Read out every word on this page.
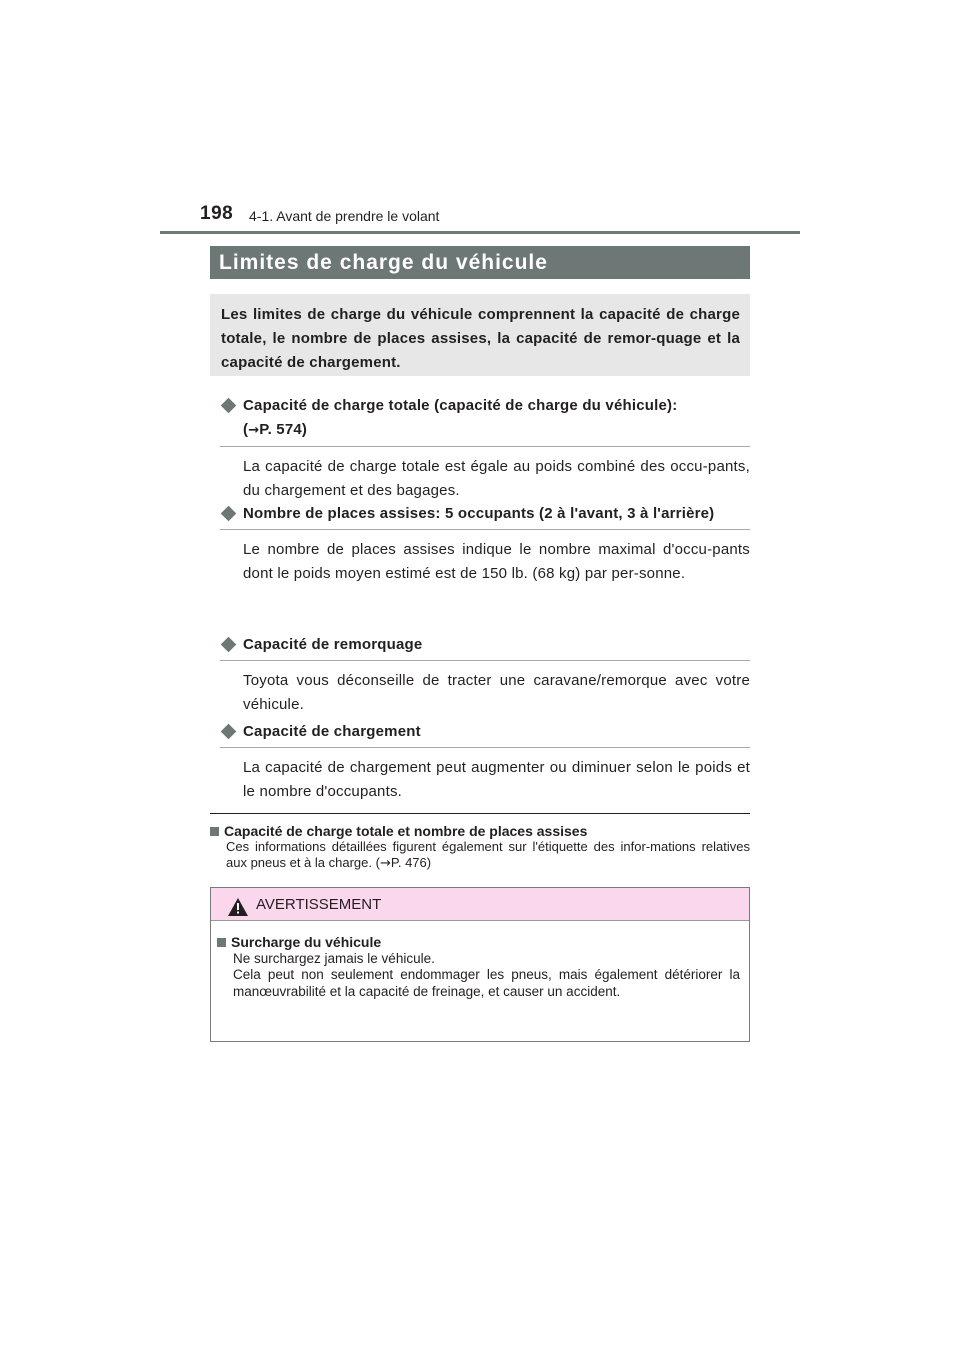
198 4-1. Avant de prendre le volant
Limites de charge du véhicule
Les limites de charge du véhicule comprennent la capacité de charge totale, le nombre de places assises, la capacité de remor-quage et la capacité de chargement.
Capacité de charge totale (capacité de charge du véhicule):
(→P. 574)
La capacité de charge totale est égale au poids combiné des occu-pants, du chargement et des bagages.
Nombre de places assises: 5 occupants (2 à l'avant, 3 à l'arrière)
Le nombre de places assises indique le nombre maximal d'occu-pants dont le poids moyen estimé est de 150 lb. (68 kg) par per-sonne.
Capacité de remorquage
Toyota vous déconseille de tracter une caravane/remorque avec votre véhicule.
Capacité de chargement
La capacité de chargement peut augmenter ou diminuer selon le poids et le nombre d'occupants.
Capacité de charge totale et nombre de places assises
Ces informations détaillées figurent également sur l'étiquette des infor-mations relatives aux pneus et à la charge. (→P. 476)
AVERTISSEMENT
Surcharge du véhicule
Ne surchargez jamais le véhicule.
Cela peut non seulement endommager les pneus, mais également détériorer la manœuvrabilité et la capacité de freinage, et causer un accident.
